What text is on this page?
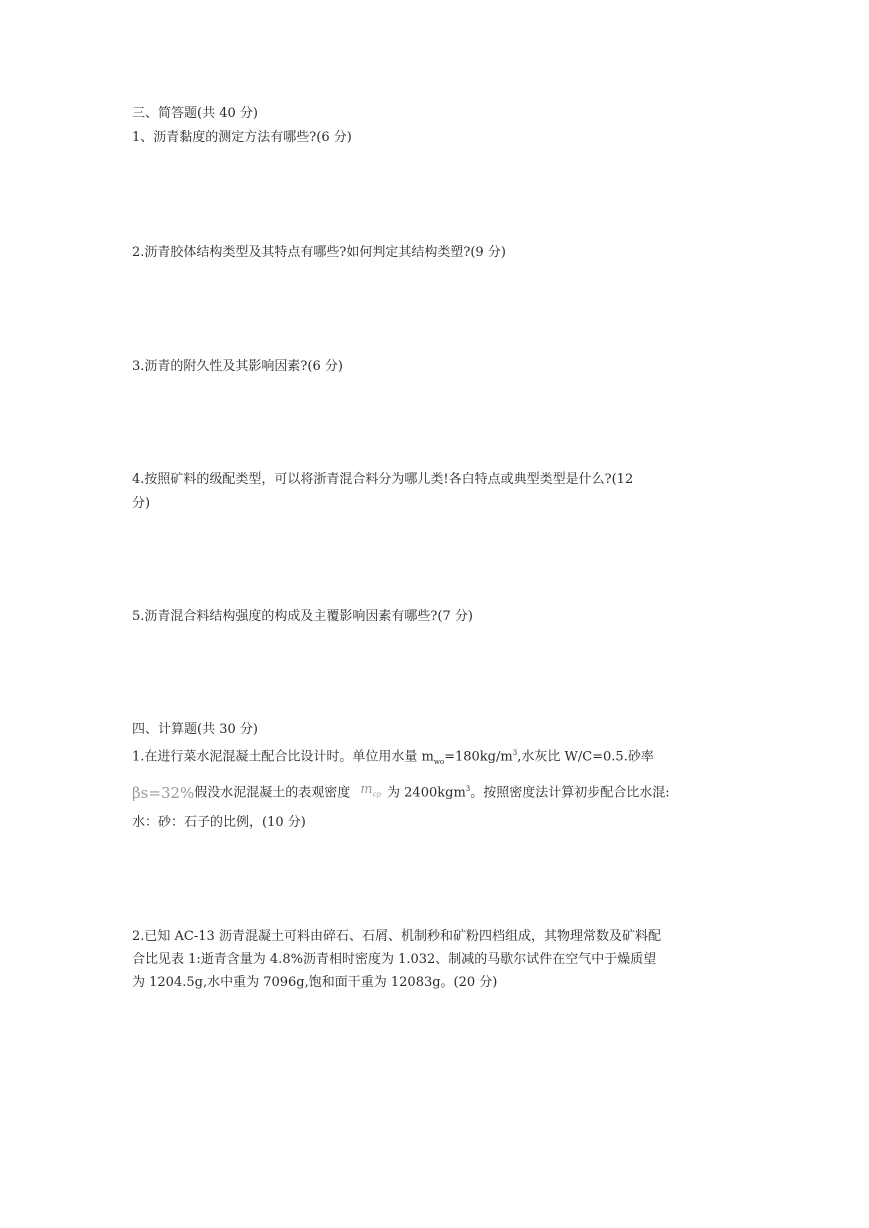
三、简答题(共 40 分)
1、沥青黏度的测定方法有哪些?(6 分)
2.沥青胶体结构类型及其特点有哪些?如何判定其结构类塑?(9 分)
3.沥青的附久性及其影响因素?(6 分)
4.按照矿料的级配类型，可以将浙青混合料分为哪儿类!各白特点或典型类型是什么?(12
分)
5.沥青混合料结构强度的构成及主覆影响因素有哪些?(7 分)
四、计算题(共 30 分)
1.在进行菜水泥混凝土配合比设计时。单位用水量 $m_{wo}=180kg/m^3$,水灰比 W/C=0.5.砂率
βs=32%假没水泥混凝土的表观密度 $m_{cp}$ 为 2400kgm$^3$。按照密度法计算初步配合比水混:
水：砂：石子的比例，(10 分)
2.已知 AC-13 沥青混凝土可料由碎石、石屑、机制秒和矿粉四档组成，其物理常数及矿料配
合比见表 1:逝青含量为 4.8%沥青相时密度为 1.032、制减的马歇尔试件在空气中于燥质望
为 1204.5g,水中重为 7096g,饱和面干重为 12083g。(20 分)
